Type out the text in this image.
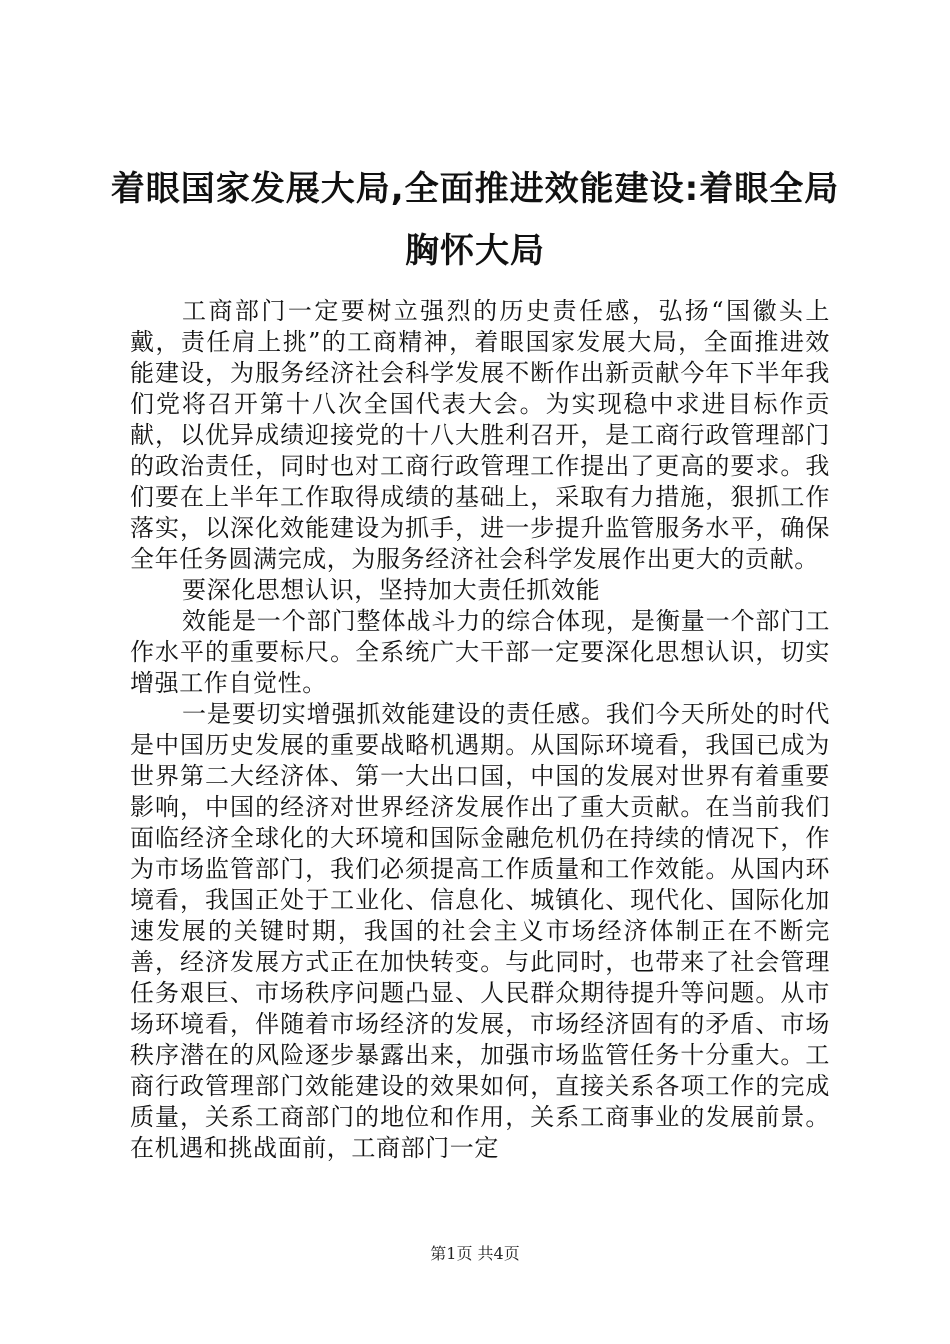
着眼国家发展大局,全面推进效能建设:着眼全局胸怀大局

工商部门一定要树立强烈的历史责任感，弘扬“国徽头上戴，责任肩上挑”的工商精神，着眼国家发展大局，全面推进效能建设，为服务经济社会科学发展不断作出新贡献今年下半年我们党将召开第十八次全国代表大会。为实现稳中求进目标作贡献，以优异成绩迎接党的十八大胜利召开，是工商行政管理部门的政治责任，同时也对工商行政管理工作提出了更高的要求。我们要在上半年工作取得成绩的基础上，采取有力措施，狠抓工作落实，以深化效能建设为抓手，进一步提升监管服务水平，确保全年任务圆满完成，为服务经济社会科学发展作出更大的贡献。

要深化思想认识，坚持加大责任抓效能

效能是一个部门整体战斗力的综合体现，是衡量一个部门工作水平的重要标尺。全系统广大干部一定要深化思想认识，切实增强工作自觉性。

一是要切实增强抓效能建设的责任感。我们今天所处的时代是中国历史发展的重要战略机遇期。从国际环境看，我国已成为世界第二大经济体、第一大出口国，中国的发展对世界有着重要影响，中国的经济对世界经济发展作出了重大贡献。在当前我们面临经济全球化的大环境和国际金融危机仍在持续的情况下，作为市场监管部门，我们必须提高工作质量和工作效能。从国内环境看，我国正处于工业化、信息化、城镇化、现代化、国际化加速发展的关键时期，我国的社会主义市场经济体制正在不断完善，经济发展方式正在加快转变。与此同时，也带来了社会管理任务艰巨、市场秩序问题凸显、人民群众期待提升等问题。从市场环境看，伴随着市场经济的发展，市场经济固有的矛盾、市场秩序潜在的风险逐步暴露出来，加强市场监管任务十分重大。工商行政管理部门效能建设的效果如何，直接关系各项工作的完成质量，关系工商部门的地位和作用，关系工商事业的发展前景。在机遇和挑战面前，工商部门一定

第1页 共4页
